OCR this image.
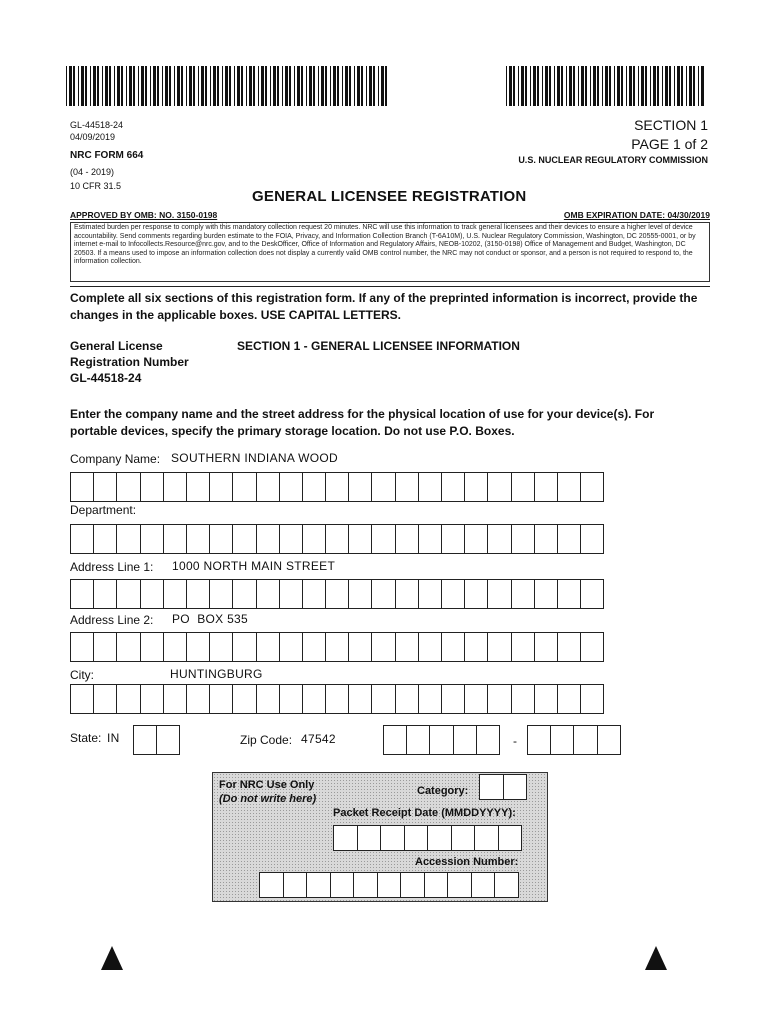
GL-44518-24
04/09/2019
NRC FORM 664
(04 - 2019)
10 CFR 31.5
SECTION 1
PAGE 1 of 2
U.S. NUCLEAR REGULATORY COMMISSION
GENERAL LICENSEE REGISTRATION
APPROVED BY OMB: NO. 3150-0198	OMB EXPIRATION DATE: 04/30/2019
Estimated burden per response to comply with this mandatory collection request 20 minutes. NRC will use this information to track general licensees and their devices to ensure a higher level of device accountability. Send comments regarding burden estimate to the FOIA, Privacy, and Information Collection Branch (T-6A10M), U.S. Nuclear Regulatory Commission, Washington, DC 20555-0001, or by internet e-mail to Infocollects.Resource@nrc.gov, and to the DeskOfficer, Office of Information and Regulatory Affairs, NEOB-10202, (3150-0198) Office of Management and Budget, Washington, DC 20503. If a means used to impose an information collection does not display a currently valid OMB control number, the NRC may not conduct or sponsor, and a person is not required to respond to, the information collection.
Complete all six sections of this registration form. If any of the preprinted information is incorrect, provide the changes in the applicable boxes. USE CAPITAL LETTERS.
General License
Registration Number
GL-44518-24
SECTION 1 - GENERAL LICENSEE INFORMATION
Enter the company name and the street address for the physical location of use for your device(s). For portable devices, specify the primary storage location. Do not use P.O. Boxes.
Company Name: SOUTHERN INDIANA WOOD
Department:
Address Line 1: 1000 NORTH MAIN STREET
Address Line 2: PO  BOX 535
City:	HUNTINGBURG
State: IN	Zip Code: 47542	-
For NRC Use Only
(Do not write here)
Category:
Packet Receipt Date (MMDDYYYY):
Accession Number:
